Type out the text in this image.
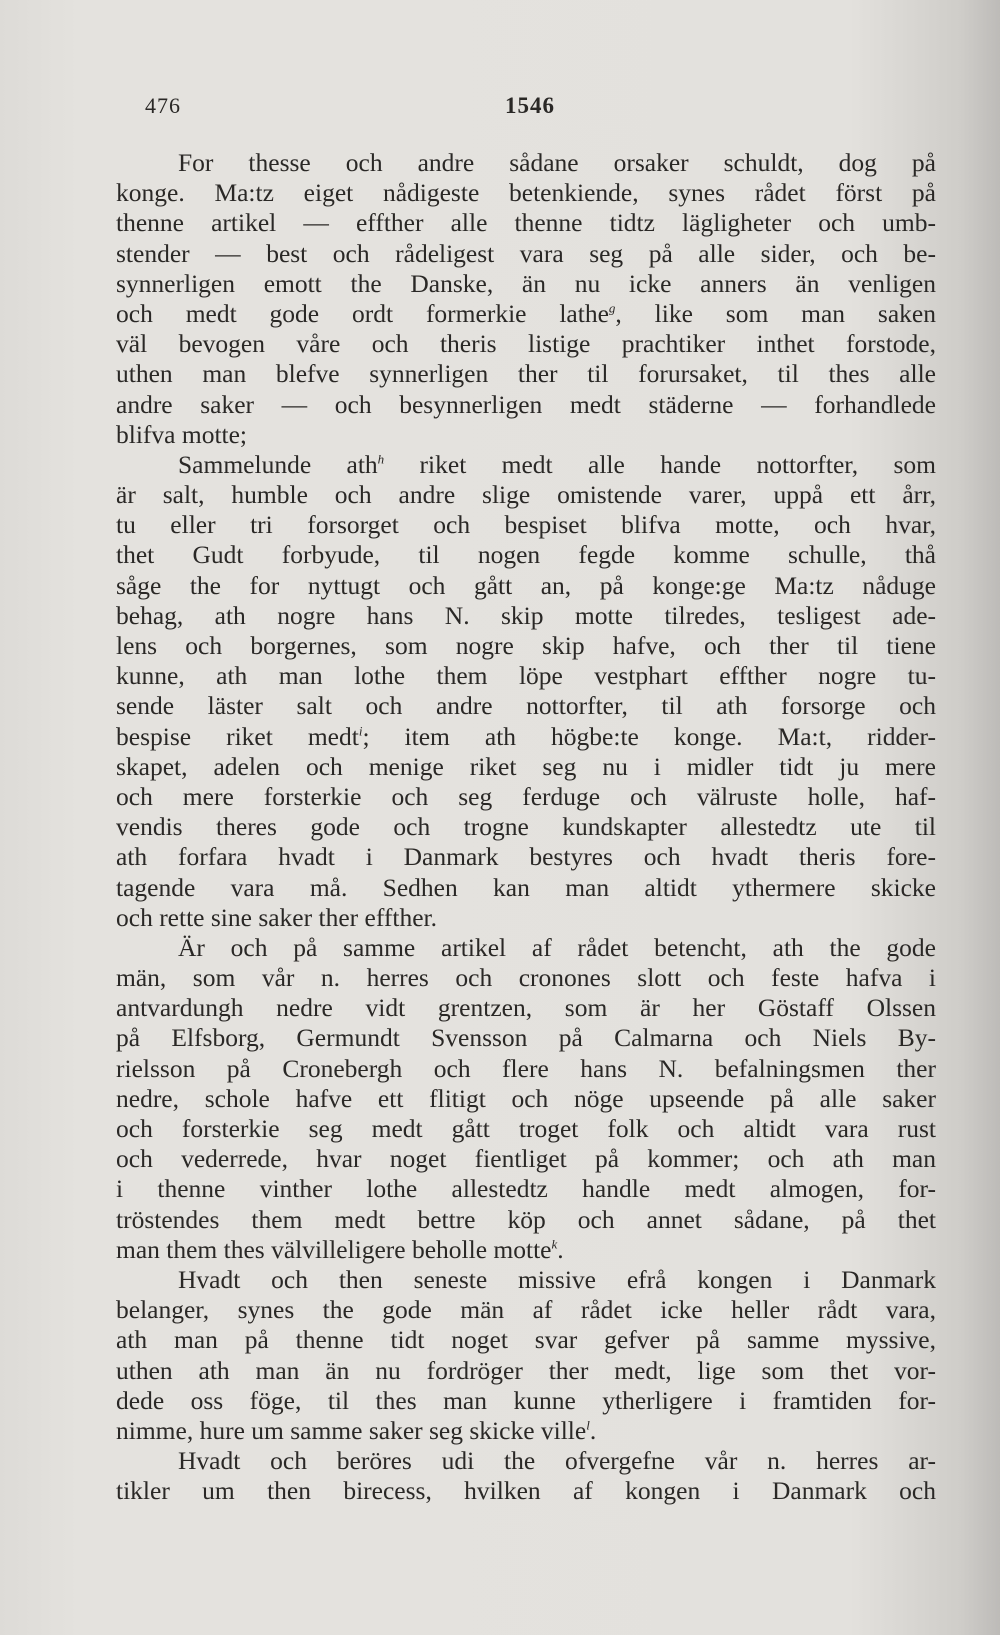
476	1546
For thesse och andre sådane orsaker schuldt, dog på
konge. Ma:tz eiget nådigeste betenkiende, synes rådet först på
thenne artikel — effther alle thenne tidtz lägligheter och umb-
stender — best och rådeligest vara seg på alle sider, och be-
synnerligen emott the Danske, än nu icke anners än venligen
och medt gode ordt formerkie lathe$^g$, like som man saken
väl bevogen våre och theris listige prachtiker inthet forstode,
uthen man blefve synnerligen ther til forursaket, til thes alle
andre saker — och besynnerligen medt städerne — forhandlede
blifva motte;
Sammelunde ath$^h$ riket medt alle hande nottorfter, som
är salt, humble och andre slige omistende varer, uppå ett årr,
tu eller tri forsorget och bespiset blifva motte, och hvar,
thet Gudt forbyude, til nogen fegde komme schulle, thå
såge the for nyttugt och gått an, på konge:ge Ma:tz nåduge
behag, ath nogre hans N. skip motte tilredes, tesligest ade-
lens och borgernes, som nogre skip hafve, och ther til tiene
kunne, ath man lothe them löpe vestphart effther nogre tu-
sende läster salt och andre nottorfter, til ath forsorge och
bespise riket medt$^i$; item ath högbe:te konge. Ma:t, ridder-
skapet, adelen och menige riket seg nu i midler tidt ju mere
och mere forsterkie och seg ferduge och välruste holle, haf-
vendis theres gode och trogne kundskapter allestedtz ute til
ath forfara hvadt i Danmark bestyres och hvadt theris fore-
tagende vara må. Sedhen kan man altidt ythermere skicke
och rette sine saker ther effther.
Är och på samme artikel af rådet betencht, ath the gode
män, som vår n. herres och cronones slott och feste hafva i
antvardungh nedre vidt grentzen, som är her Göstaff Olssen
på Elfsborg, Germundt Svensson på Calmarna och Niels By-
rielsson på Cronebergh och flere hans N. befalningsmen ther
nedre, schole hafve ett flitigt och nöge upseende på alle saker
och forsterkie seg medt gått troget folk och altidt vara rust
och vederrede, hvar noget fientliget på kommer; och ath man
i thenne vinther lothe allestedtz handle medt almogen, for-
tröstendes them medt bettre köp och annet sådane, på thet
man them thes välvilleligere beholle motte$^k$.
Hvadt och then seneste missive efrå kongen i Danmark
belanger, synes the gode män af rådet icke heller rådt vara,
ath man på thenne tidt noget svar gefver på samme myssive,
uthen ath man än nu fordröger ther medt, lige som thet vor-
dede oss föge, til thes man kunne ytherligere i framtiden for-
nimme, hure um samme saker seg skicke ville$^l$.
Hvadt och beröres udi the ofvergefne vår n. herres ar-
tikler um then birecess, hvilken af kongen i Danmark och
